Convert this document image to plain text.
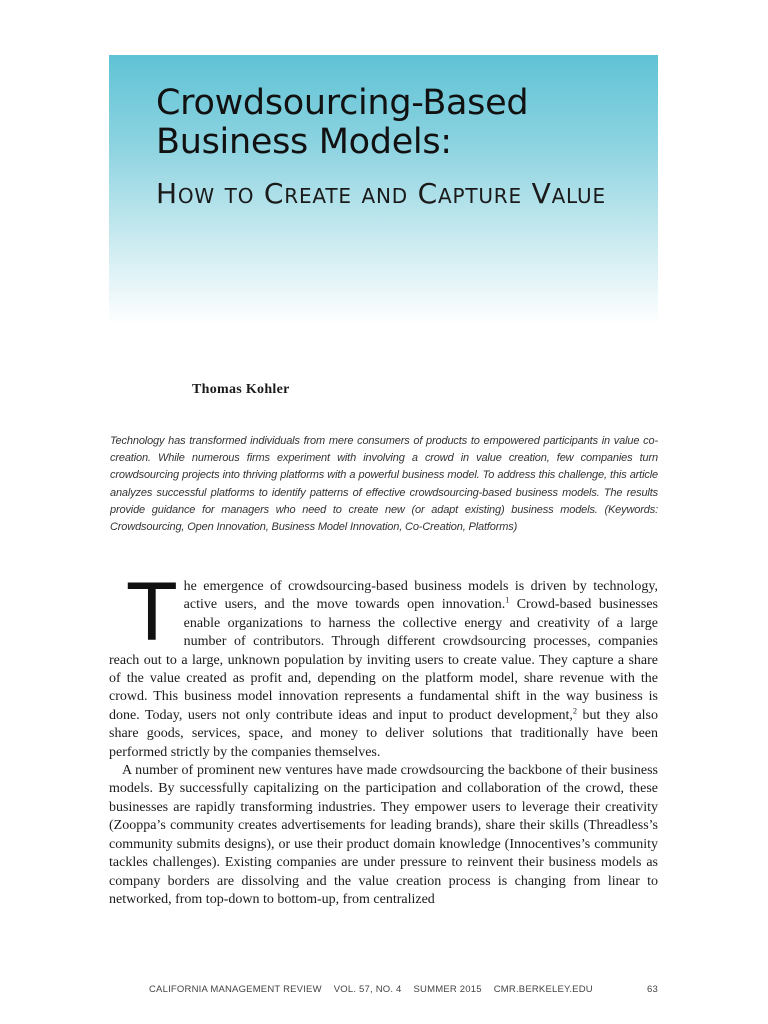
Crowdsourcing-Based Business Models:
How to Create and Capture Value

Thomas Kohler

Technology has transformed individuals from mere consumers of products to empowered participants in value co-creation. While numerous firms experiment with involving a crowd in value creation, few companies turn crowdsourcing projects into thriving platforms with a powerful business model. To address this challenge, this article analyzes successful platforms to identify patterns of effective crowdsourcing-based business models. The results provide guidance for managers who need to create new (or adapt existing) business models. (Keywords: Crowdsourcing, Open Innovation, Business Model Innovation, Co-Creation, Platforms)

The emergence of crowdsourcing-based business models is driven by technology, active users, and the move towards open innovation.$^1$ Crowd-based businesses enable organizations to harness the collective energy and creativity of a large number of contributors. Through different crowdsourcing processes, companies reach out to a large, unknown population by inviting users to create value. They capture a share of the value created as profit and, depending on the platform model, share revenue with the crowd. This business model innovation represents a fundamental shift in the way business is done. Today, users not only contribute ideas and input to product development,$^2$ but they also share goods, services, space, and money to deliver solutions that traditionally have been performed strictly by the companies themselves.

A number of prominent new ventures have made crowdsourcing the backbone of their business models. By successfully capitalizing on the participation and collaboration of the crowd, these businesses are rapidly transforming industries. They empower users to leverage their creativity (Zooppa’s community creates advertisements for leading brands), share their skills (Threadless’s community submits designs), or use their product domain knowledge (Innocentives’s community tackles challenges). Existing companies are under pressure to reinvent their business models as company borders are dissolving and the value creation process is changing from linear to networked, from top-down to bottom-up, from centralized

CALIFORNIA MANAGEMENT REVIEW VOL. 57, NO. 4 SUMMER 2015 CMR.BERKELEY.EDU	63
